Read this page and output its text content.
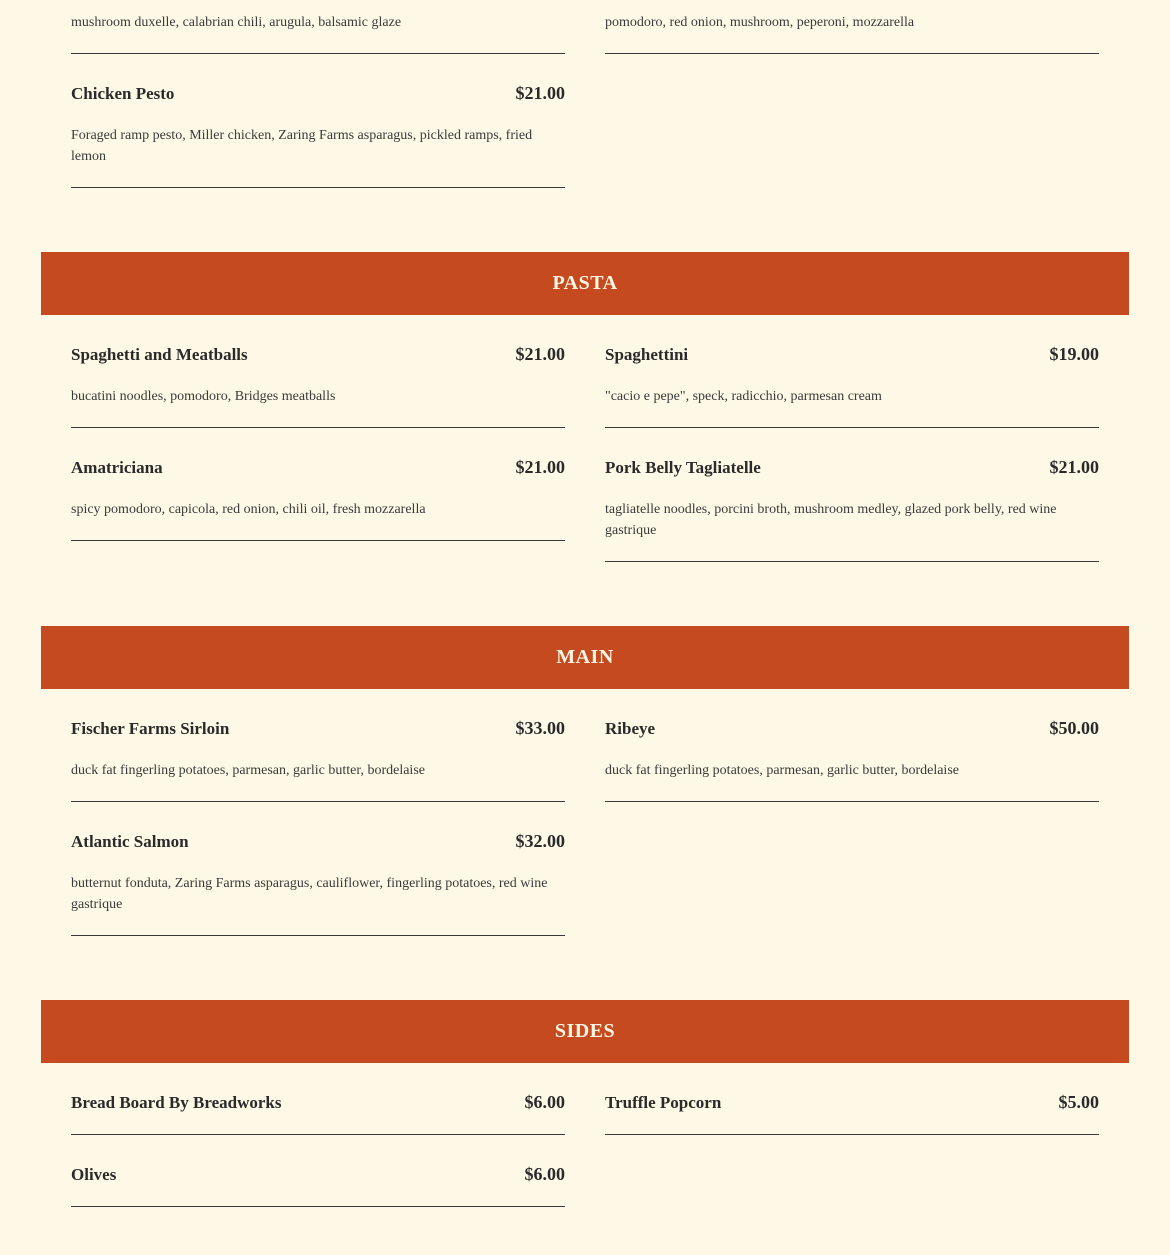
mushroom duxelle, calabrian chili, arugula, balsamic glaze	pomodoro, red onion, mushroom, peperoni, mozzarella

Chicken Pesto	$21.00

Foraged ramp pesto, Miller chicken, Zaring Farms asparagus, pickled ramps, fried lemon

PASTA
Spaghetti and Meatballs	$21.00

bucatini noodles, pomodoro, Bridges meatballs

Spaghettini	$19.00

"cacio e pepe", speck, radicchio, parmesan cream

Amatriciana	$21.00

spicy pomodoro, capicola, red onion, chili oil, fresh mozzarella

Pork Belly Tagliatelle	$21.00

tagliatelle noodles, porcini broth, mushroom medley, glazed pork belly, red wine gastrique

MAIN
Fischer Farms Sirloin	$33.00

duck fat fingerling potatoes, parmesan, garlic butter, bordelaise

Ribeye	$50.00

duck fat fingerling potatoes, parmesan, garlic butter, bordelaise

Atlantic Salmon	$32.00

butternut fonduta, Zaring Farms asparagus, cauliflower, fingerling potatoes, red wine gastrique

SIDES
Bread Board By Breadworks	$6.00 Truffle Popcorn	$5.00
Olives	$6.00
